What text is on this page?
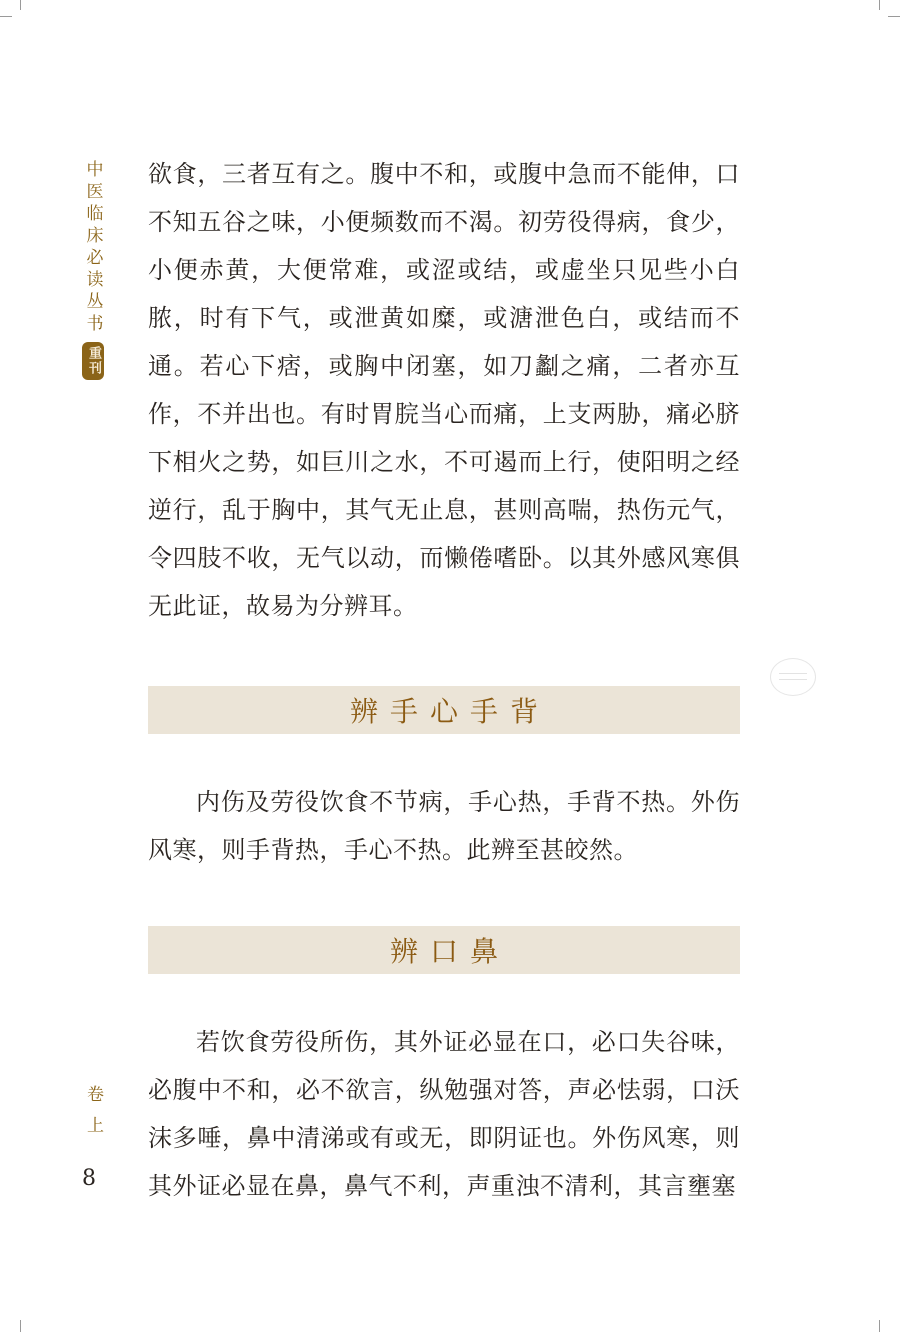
中医临床必读丛书
重刊
卷上
8
欲食，三者互有之。腹中不和，或腹中急而不能伸，口不知五谷之味，小便频数而不渴。初劳役得病，食少，小便赤黄，大便常难，或涩或结，或虚坐只见些小白脓，时有下气，或泄黄如糜，或溏泄色白，或结而不通。若心下痞，或胸中闭塞，如刀劙之痛，二者亦互作，不并出也。有时胃脘当心而痛，上支两胁，痛必脐下相火之势，如巨川之水，不可遏而上行，使阳明之经逆行，乱于胸中，其气无止息，甚则高喘，热伤元气，令四肢不收，无气以动，而懒倦嗜卧。以其外感风寒俱无此证，故易为分辨耳。
辨手心手背
内伤及劳役饮食不节病，手心热，手背不热。外伤风寒，则手背热，手心不热。此辨至甚皎然。
辨口鼻
若饮食劳役所伤，其外证必显在口，必口失谷味，必腹中不和，必不欲言，纵勉强对答，声必怯弱，口沃沫多唾，鼻中清涕或有或无，即阴证也。外伤风寒，则其外证必显在鼻，鼻气不利，声重浊不清利，其言壅塞
